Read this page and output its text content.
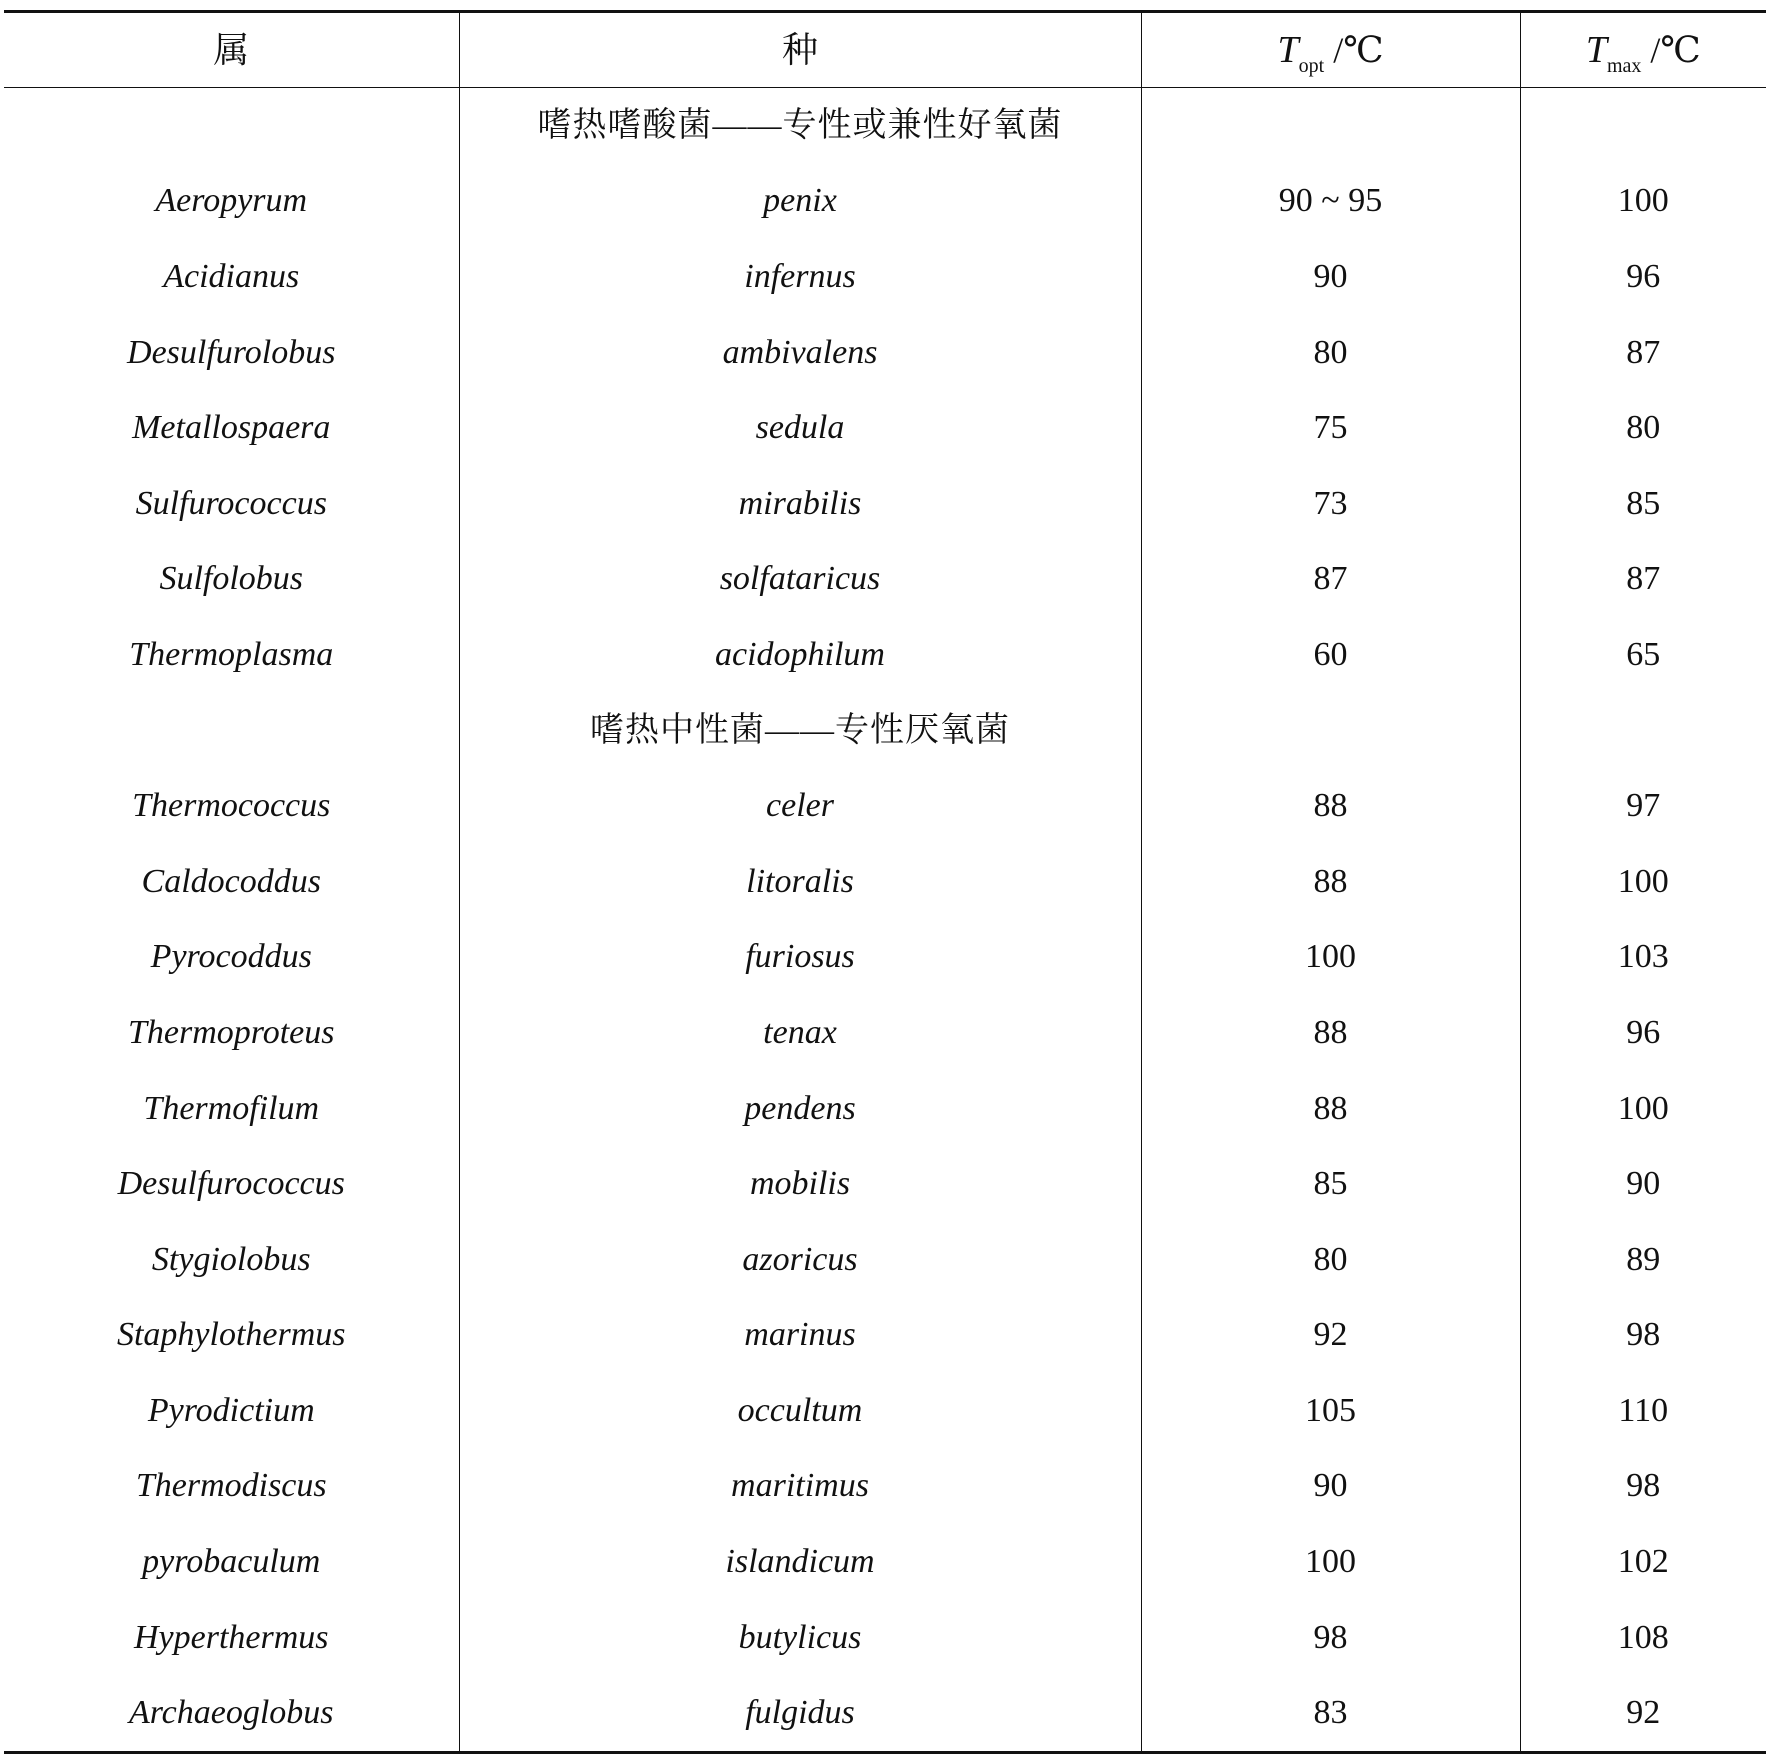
属	种	$T_{opt}$ /℃	$T_{max}$ /℃
	嗜热嗜酸菌——专性或兼性好氧菌		
Aeropyrum	penix	90 ~ 95	100
Acidianus	infernus	90	96
Desulfurolobus	ambivalens	80	87
Metallospaera	sedula	75	80
Sulfurococcus	mirabilis	73	85
Sulfolobus	solfataricus	87	87
Thermoplasma	acidophilum	60	65
	嗜热中性菌——专性厌氧菌		
Thermococcus	celer	88	97
Caldocoddus	litoralis	88	100
Pyrocoddus	furiosus	100	103
Thermoproteus	tenax	88	96
Thermofilum	pendens	88	100
Desulfurococcus	mobilis	85	90
Stygiolobus	azoricus	80	89
Staphylothermus	marinus	92	98
Pyrodictium	occultum	105	110
Thermodiscus	maritimus	90	98
pyrobaculum	islandicum	100	102
Hyperthermus	butylicus	98	108
Archaeoglobus	fulgidus	83	92
